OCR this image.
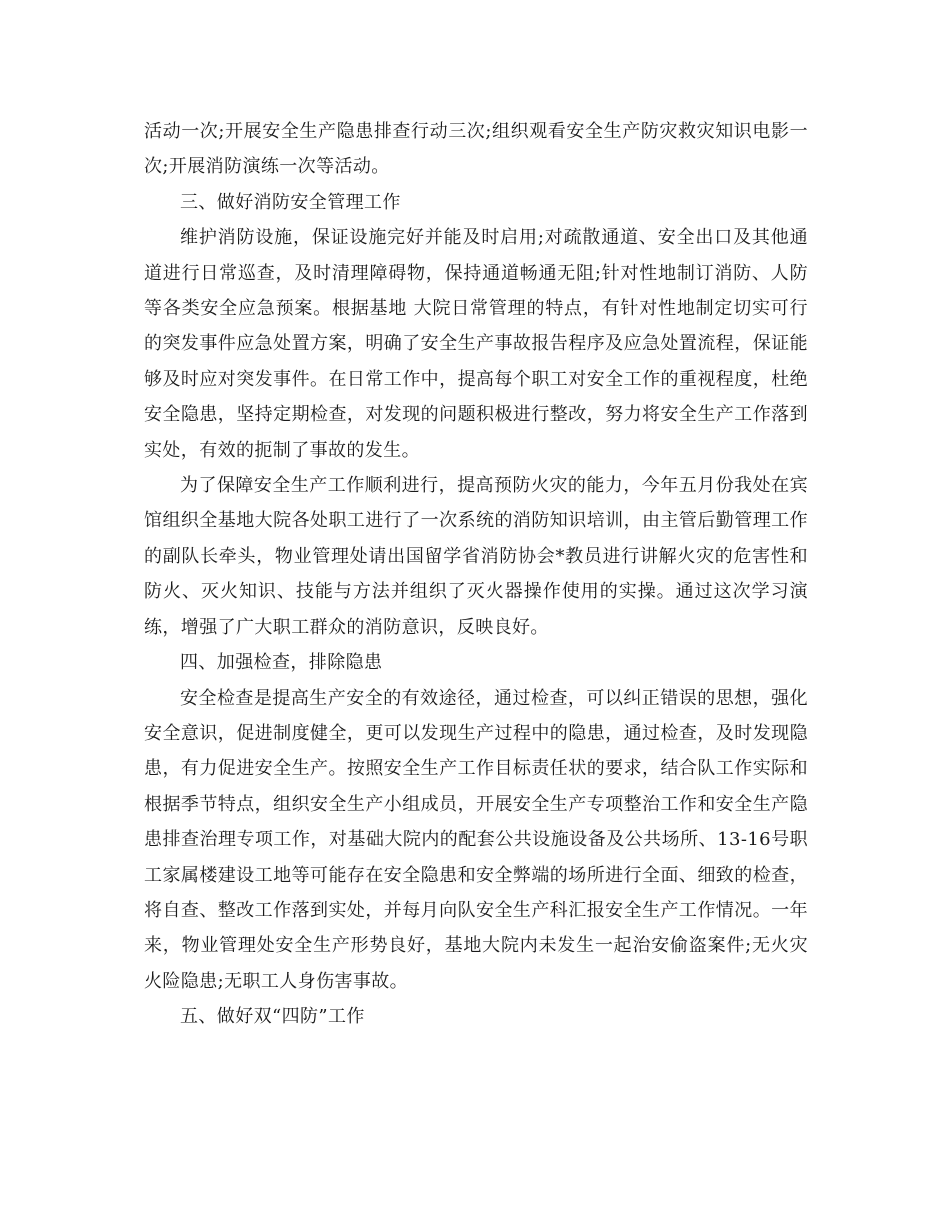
活动一次;开展安全生产隐患排查行动三次;组织观看安全生产防灾救灾知识电影一次;开展消防演练一次等活动。

三、做好消防安全管理工作

维护消防设施，保证设施完好并能及时启用;对疏散通道、安全出口及其他通道进行日常巡查，及时清理障碍物，保持通道畅通无阻;针对性地制订消防、人防等各类安全应急预案。根据基地 大院日常管理的特点，有针对性地制定切实可行的突发事件应急处置方案，明确了安全生产事故报告程序及应急处置流程，保证能够及时应对突发事件。在日常工作中，提高每个职工对安全工作的重视程度，杜绝安全隐患，坚持定期检查，对发现的问题积极进行整改，努力将安全生产工作落到实处，有效的扼制了事故的发生。

为了保障安全生产工作顺利进行，提高预防火灾的能力，今年五月份我处在宾馆组织全基地大院各处职工进行了一次系统的消防知识培训，由主管后勤管理工作的副队长牵头，物业管理处请出国留学省消防协会*教员进行讲解火灾的危害性和防火、灭火知识、技能与方法并组织了灭火器操作使用的实操。通过这次学习演练，增强了广大职工群众的消防意识，反映良好。

四、加强检查，排除隐患

安全检查是提高生产安全的有效途径，通过检查，可以纠正错误的思想，强化安全意识，促进制度健全，更可以发现生产过程中的隐患，通过检查，及时发现隐患，有力促进安全生产。按照安全生产工作目标责任状的要求，结合队工作实际和根据季节特点，组织安全生产小组成员，开展安全生产专项整治工作和安全生产隐患排查治理专项工作，对基础大院内的配套公共设施设备及公共场所、13-16号职工家属楼建设工地等可能存在安全隐患和安全弊端的场所进行全面、细致的检查，将自查、整改工作落到实处，并每月向队安全生产科汇报安全生产工作情况。一年来，物业管理处安全生产形势良好，基地大院内未发生一起治安偷盗案件;无火灾火险隐患;无职工人身伤害事故。

五、做好双“四防”工作
